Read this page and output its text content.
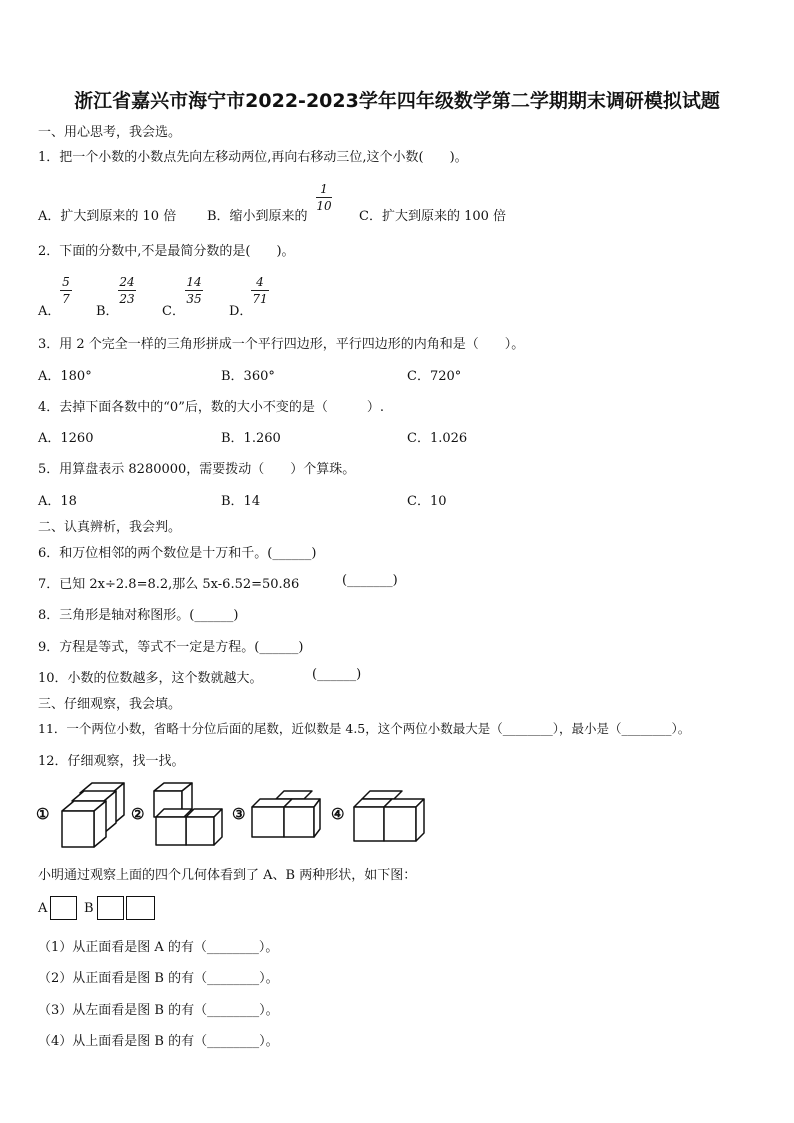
浙江省嘉兴市海宁市2022-2023学年四年级数学第二学期期末调研模拟试题
一、用心思考，我会选。
1．把一个小数的小数点先向左移动两位,再向右移动三位,这个小数(　　)。
A．扩大到原来的 10 倍 B．缩小到原来的
1
10
C．扩大到原来的 100 倍
2．下面的分数中,不是最简分数的是(　　)。
A．
5
7
B．
24
23
C．
14
35
D．
4
71
3．用 2 个完全一样的三角形拼成一个平行四边形，平行四边形的内角和是（　　）。
A．180°	B．360°	C．720°
4．去掉下面各数中的“0”后，数的大小不变的是（　　　）.
A．1260	B．1.260	C．1.026
5．用算盘表示 8280000，需要拨动（　　）个算珠。
A．18	B．14	C．10
二、认真辨析，我会判。
6．和万位相邻的两个数位是十万和千。(______)
7．已知 2x÷2.8=8.2,那么 5x-6.52=50.86	(_______)
8．三角形是轴对称图形。(______)
9．方程是等式，等式不一定是方程。(______)
10．小数的位数越多，这个数就越大。	(______)
三、仔细观察，我会填。
11．一个两位小数，省略十分位后面的尾数，近似数是 4.5，这个两位小数最大是（________），最小是（________）。
12．仔细观察，找一找。
①	②	③	④
小明通过观察上面的四个几何体看到了 A、B 两种形状，如下图：
A	B
（1）从正面看是图 A 的有（________）。
（2）从正面看是图 B 的有（________）。
（3）从左面看是图 B 的有（________）。
（4）从上面看是图 B 的有（________）。
